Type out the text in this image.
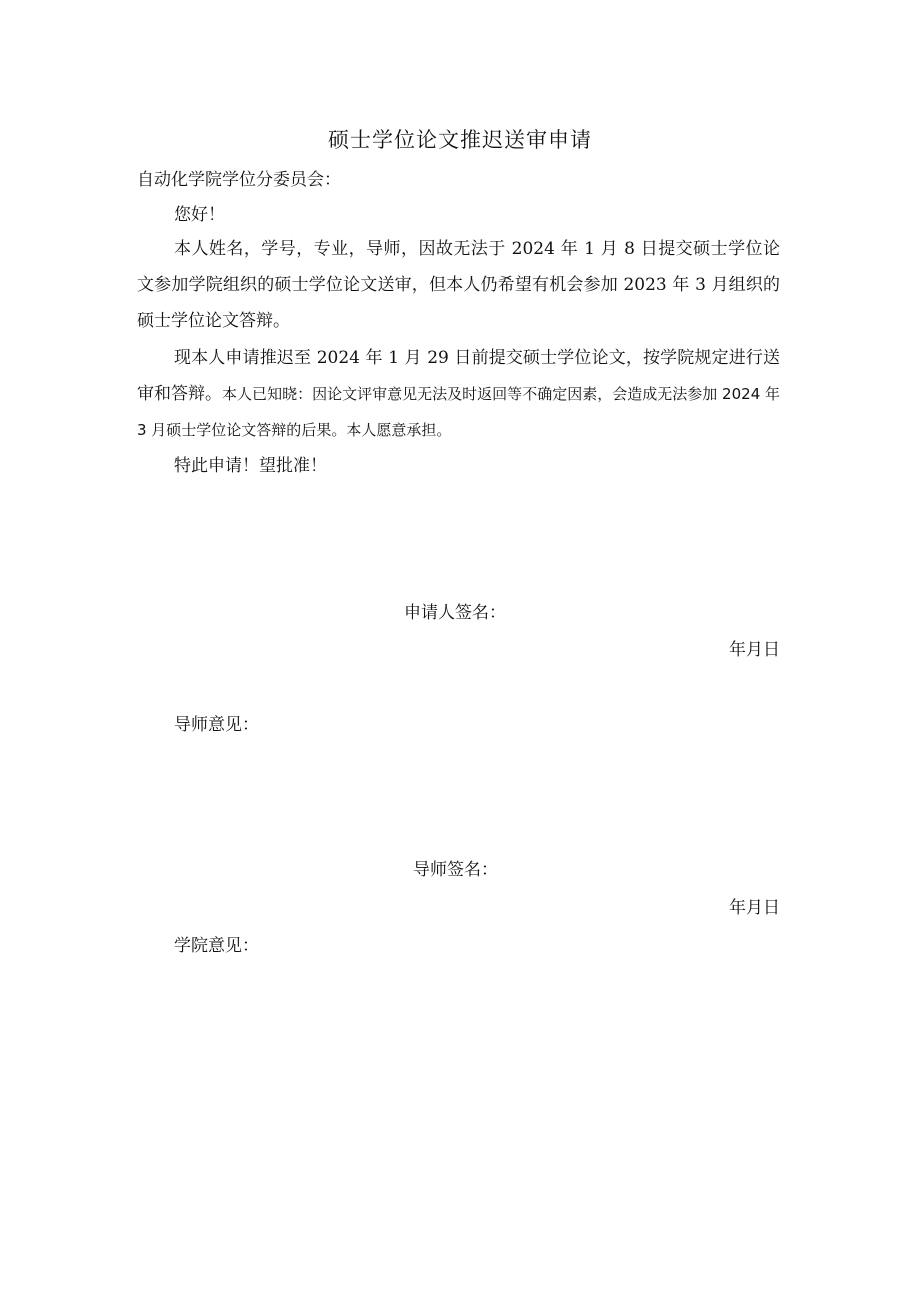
硕士学位论文推迟送审申请
自动化学院学位分委员会：
您好！
本人姓名，学号，专业，导师，因故无法于 2024 年 1 月 8 日提交硕士学位论文参加学院组织的硕士学位论文送审，但本人仍希望有机会参加 2023 年 3 月组织的硕士学位论文答辩。
现本人申请推迟至 2024 年 1 月 29 日前提交硕士学位论文，按学院规定进行送审和答辩。本人已知晓：因论文评审意见无法及时返回等不确定因素，会造成无法参加 2024 年 3 月硕士学位论文答辩的后果。本人愿意承担。
特此申请！望批准！
申请人签名：
年月日
导师意见：
导师签名：
年月日
学院意见：
